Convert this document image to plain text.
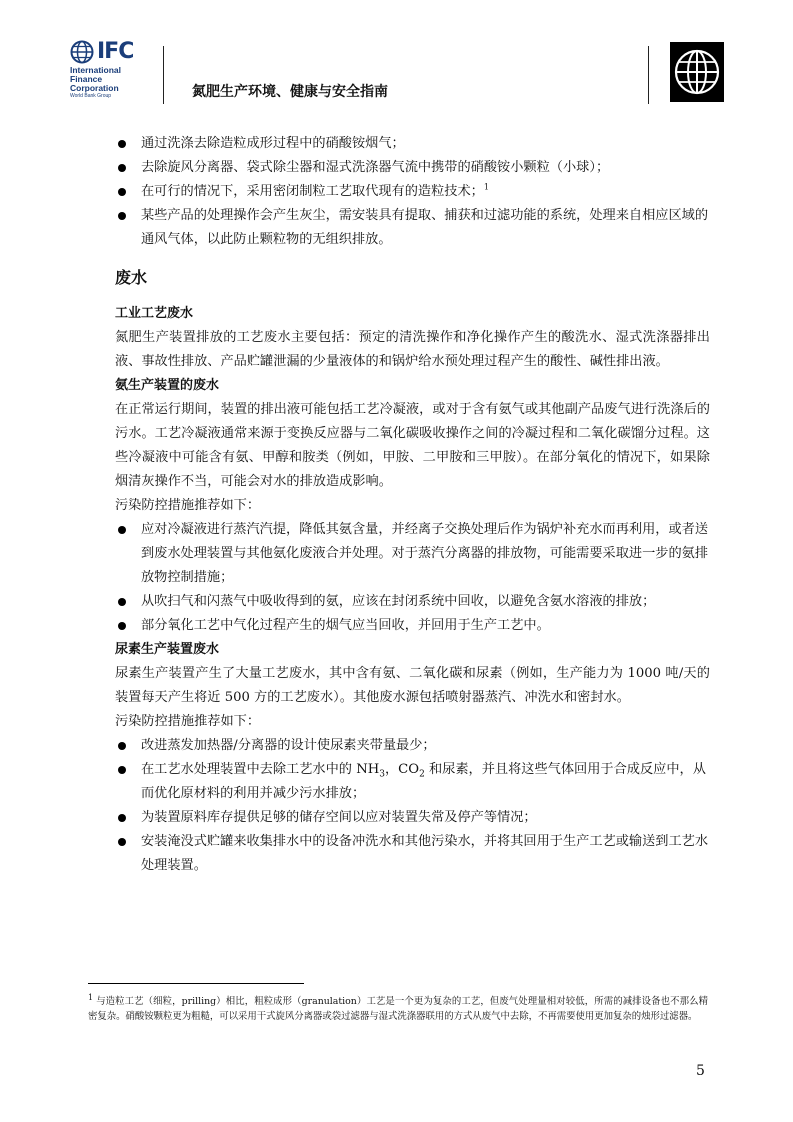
IFC
International
Finance
Corporation
World Bank Group	氮肥生产环境、健康与安全指南
通过洗涤去除造粒成形过程中的硝酸铵烟气；
去除旋风分离器、袋式除尘器和湿式洗涤器气流中携带的硝酸铵小颗粒（小球）；
在可行的情况下，采用密闭制粒工艺取代现有的造粒技术；$^1$
某些产品的处理操作会产生灰尘，需安装具有提取、捕获和过滤功能的系统，处理来自相应区域的通风气体，以此防止颗粒物的无组织排放。
废水
工业工艺废水
氮肥生产装置排放的工艺废水主要包括：预定的清洗操作和净化操作产生的酸洗水、湿式洗涤器排出液、事故性排放、产品贮罐泄漏的少量液体的和锅炉给水预处理过程产生的酸性、碱性排出液。
氨生产装置的废水
在正常运行期间，装置的排出液可能包括工艺冷凝液，或对于含有氨气或其他副产品废气进行洗涤后的污水。工艺冷凝液通常来源于变换反应器与二氧化碳吸收操作之间的冷凝过程和二氧化碳馏分过程。这些冷凝液中可能含有氨、甲醇和胺类（例如，甲胺、二甲胺和三甲胺）。在部分氧化的情况下，如果除烟清灰操作不当，可能会对水的排放造成影响。
污染防控措施推荐如下：
应对冷凝液进行蒸汽汽提，降低其氨含量，并经离子交换处理后作为锅炉补充水而再利用，或者送到废水处理装置与其他氨化废液合并处理。对于蒸汽分离器的排放物，可能需要采取进一步的氨排放物控制措施；
从吹扫气和闪蒸气中吸收得到的氨，应该在封闭系统中回收，以避免含氨水溶液的排放；
部分氧化工艺中气化过程产生的烟气应当回收，并回用于生产工艺中。
尿素生产装置废水
尿素生产装置产生了大量工艺废水，其中含有氨、二氧化碳和尿素（例如，生产能力为 1000 吨/天的装置每天产生将近 500 方的工艺废水）。其他废水源包括喷射器蒸汽、冲洗水和密封水。
污染防控措施推荐如下：
改进蒸发加热器/分离器的设计使尿素夹带量最少；
在工艺水处理装置中去除工艺水中的 $NH_3$，$CO_2$ 和尿素，并且将这些气体回用于合成反应中，从而优化原材料的利用并减少污水排放；
为装置原料库存提供足够的储存空间以应对装置失常及停产等情况；
安装淹没式贮罐来收集排水中的设备冲洗水和其他污染水，并将其回用于生产工艺或输送到工艺水处理装置。
$^1$ 与造粒工艺（细粒，prilling）相比，粗粒成形（granulation）工艺是一个更为复杂的工艺，但废气处理量相对较低，所需的减排设备也不那么精密复杂。硝酸铵颗粒更为粗糙，可以采用干式旋风分离器或袋过滤器与湿式洗涤器联用的方式从废气中去除，不再需要使用更加复杂的烛形过滤器。
5
